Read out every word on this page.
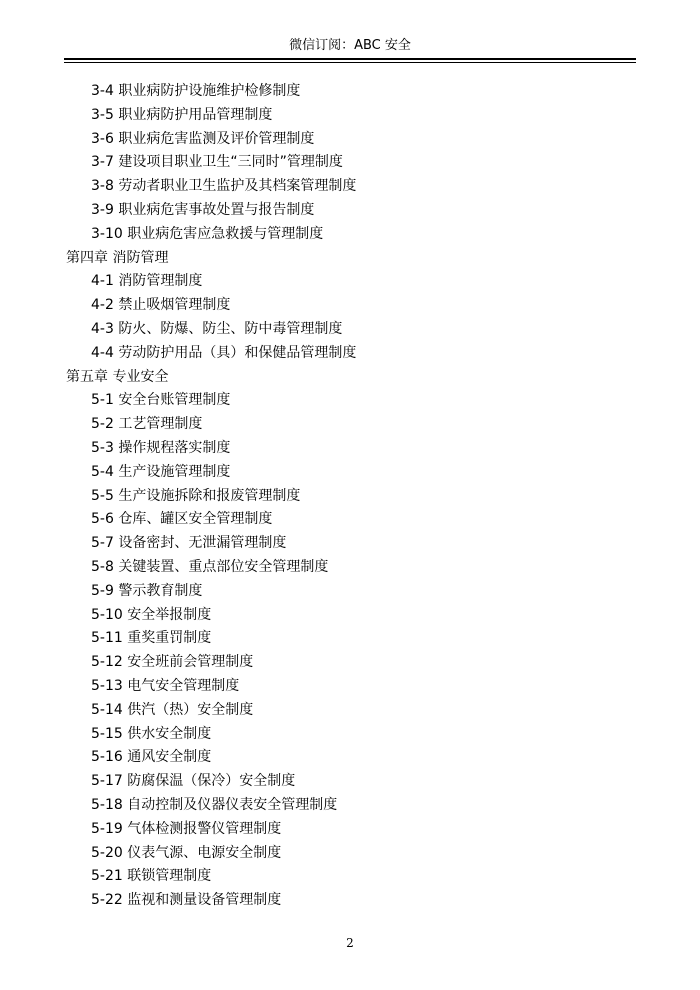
微信订阅：ABC 安全
3-4 职业病防护设施维护检修制度
3-5 职业病防护用品管理制度
3-6 职业病危害监测及评价管理制度
3-7 建设项目职业卫生“三同时”管理制度
3-8 劳动者职业卫生监护及其档案管理制度
3-9 职业病危害事故处置与报告制度
3-10 职业病危害应急救援与管理制度
第四章 消防管理
4-1 消防管理制度
4-2 禁止吸烟管理制度
4-3 防火、防爆、防尘、防中毒管理制度
4-4 劳动防护用品（具）和保健品管理制度
第五章 专业安全
5-1 安全台账管理制度
5-2 工艺管理制度
5-3 操作规程落实制度
5-4 生产设施管理制度
5-5 生产设施拆除和报废管理制度
5-6 仓库、罐区安全管理制度
5-7 设备密封、无泄漏管理制度
5-8 关键装置、重点部位安全管理制度
5-9 警示教育制度
5-10 安全举报制度
5-11 重奖重罚制度
5-12 安全班前会管理制度
5-13 电气安全管理制度
5-14 供汽（热）安全制度
5-15 供水安全制度
5-16 通风安全制度
5-17 防腐保温（保冷）安全制度
5-18 自动控制及仪器仪表安全管理制度
5-19 气体检测报警仪管理制度
5-20 仪表气源、电源安全制度
5-21 联锁管理制度
5-22 监视和测量设备管理制度
2
